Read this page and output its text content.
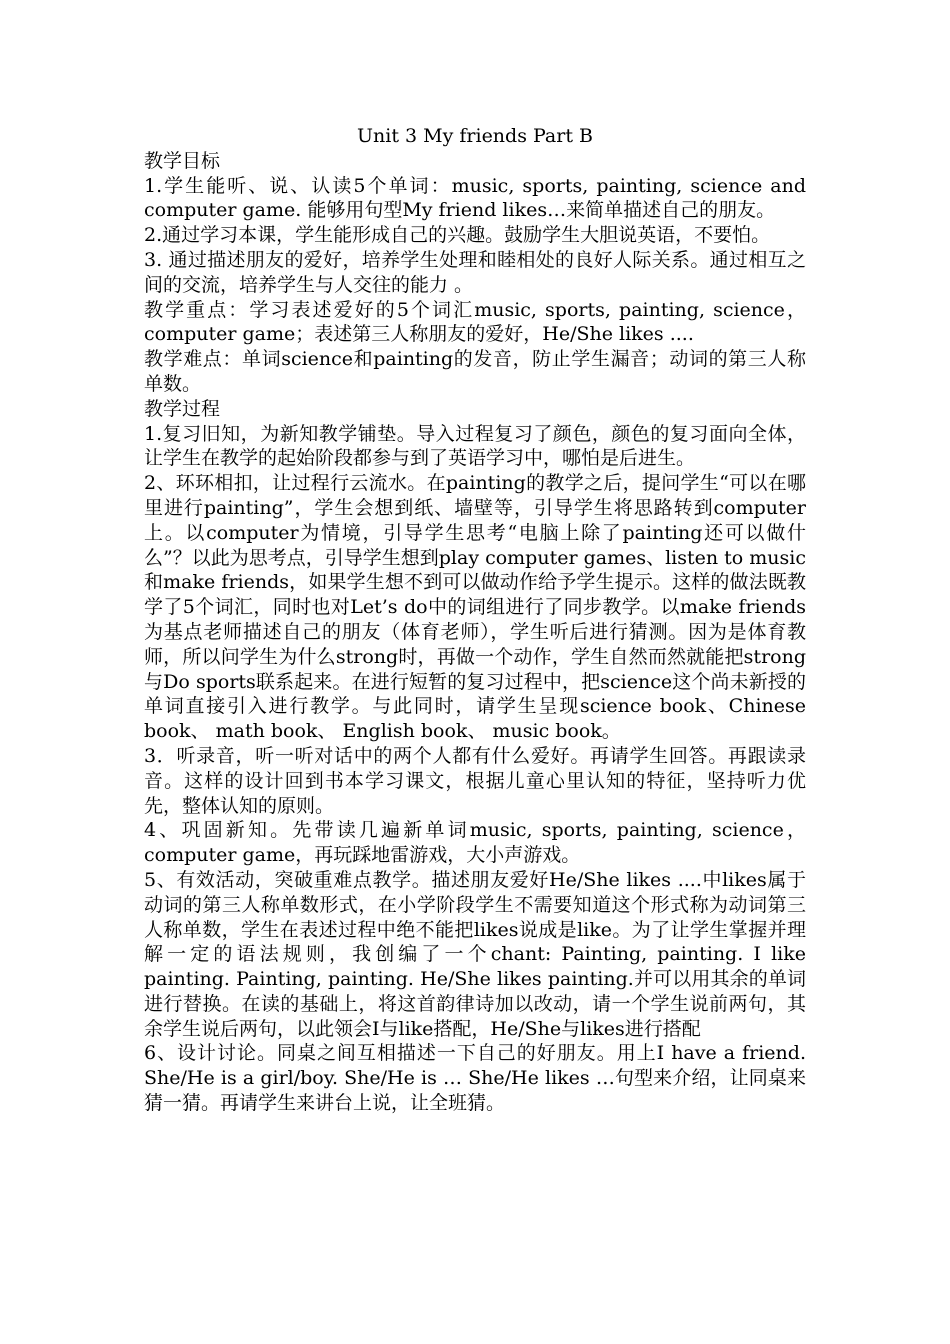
Unit 3 My friends Part B

教学目标

1.学生能听、说、认读5个单词：music, sports, painting, science and computer game. 能够用句型My friend likes…来简单描述自己的朋友。

2.通过学习本课，学生能形成自己的兴趣。鼓励学生大胆说英语，不要怕。

3. 通过描述朋友的爱好，培养学生处理和睦相处的良好人际关系。通过相互之间的交流，培养学生与人交往的能力 。

教学重点：学习表述爱好的5个词汇music, sports, painting, science，computer game；表述第三人称朋友的爱好，He/She likes ....

教学难点：单词science和painting的发音，防止学生漏音；动词的第三人称单数。

教学过程

1.复习旧知，为新知教学铺垫。导入过程复习了颜色，颜色的复习面向全体，让学生在教学的起始阶段都参与到了英语学习中，哪怕是后进生。

2、环环相扣，让过程行云流水。在painting的教学之后，提问学生“可以在哪里进行painting”，学生会想到纸、墙壁等，引导学生将思路转到computer上。以computer为情境，引导学生思考“电脑上除了painting还可以做什么”？以此为思考点，引导学生想到play computer games、listen to music和make friends，如果学生想不到可以做动作给予学生提示。这样的做法既教学了5个词汇，同时也对Let’s do中的词组进行了同步教学。以make friends为基点老师描述自己的朋友（体育老师），学生听后进行猜测。因为是体育教师，所以问学生为什么strong时，再做一个动作，学生自然而然就能把strong与Do sports联系起来。在进行短暂的复习过程中，把science这个尚未新授的单词直接引入进行教学。与此同时，请学生呈现science book、Chinese book、 math book、 English book、 music book。

3．听录音，听一听对话中的两个人都有什么爱好。再请学生回答。再跟读录音。这样的设计回到书本学习课文，根据儿童心里认知的特征，坚持听力优先，整体认知的原则。

4、巩固新知。先带读几遍新单词music, sports, painting, science，computer game，再玩踩地雷游戏，大小声游戏。

5、有效活动，突破重难点教学。描述朋友爱好He/She likes ....中likes属于动词的第三人称单数形式，在小学阶段学生不需要知道这个形式称为动词第三人称单数，学生在表述过程中绝不能把likes说成是like。为了让学生掌握并理解一定的语法规则，我创编了一个chant: Painting, painting. I like painting. Painting, painting. He/She likes painting.并可以用其余的单词进行替换。在读的基础上，将这首韵律诗加以改动，请一个学生说前两句，其余学生说后两句，以此领会I与like搭配，He/She与likes进行搭配

6、设计讨论。同桌之间互相描述一下自己的好朋友。用上I have a friend. She/He is a girl/boy. She/He is … She/He likes …句型来介绍，让同桌来猜一猜。再请学生来讲台上说，让全班猜。
